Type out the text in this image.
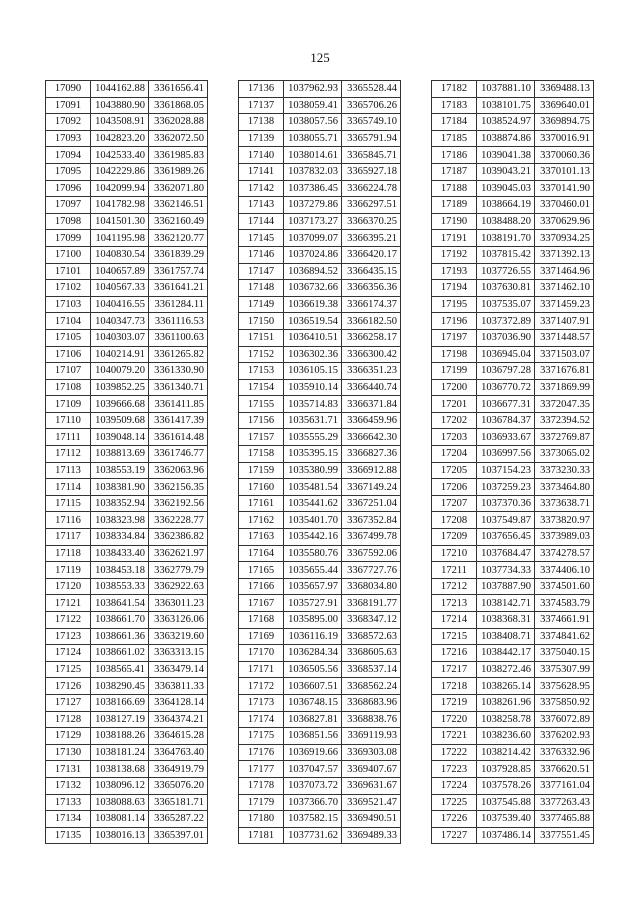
125
17090	1044162.88	3361656.41
17091	1043880.90	3361868.05
17092	1043508.91	3362028.88
17093	1042823.20	3362072.50
17094	1042533.40	3361985.83
17095	1042229.86	3361989.26
17096	1042099.94	3362071.80
17097	1041782.98	3362146.51
17098	1041501.30	3362160.49
17099	1041195.98	3362120.77
17100	1040830.54	3361839.29
17101	1040657.89	3361757.74
17102	1040567.33	3361641.21
17103	1040416.55	3361284.11
17104	1040347.73	3361116.53
17105	1040303.07	3361100.63
17106	1040214.91	3361265.82
17107	1040079.20	3361330.90
17108	1039852.25	3361340.71
17109	1039666.68	3361411.85
17110	1039509.68	3361417.39
17111	1039048.14	3361614.48
17112	1038813.69	3361746.77
17113	1038553.19	3362063.96
17114	1038381.90	3362156.35
17115	1038352.94	3362192.56
17116	1038323.98	3362228.77
17117	1038334.84	3362386.82
17118	1038433.40	3362621.97
17119	1038453.18	3362779.79
17120	1038553.33	3362922.63
17121	1038641.54	3363011.23
17122	1038661.70	3363126.06
17123	1038661.36	3363219.60
17124	1038661.02	3363313.15
17125	1038565.41	3363479.14
17126	1038290.45	3363811.33
17127	1038166.69	3364128.14
17128	1038127.19	3364374.21
17129	1038188.26	3364615.28
17130	1038181.24	3364763.40
17131	1038138.68	3364919.79
17132	1038096.12	3365076.20
17133	1038088.63	3365181.71
17134	1038081.14	3365287.22
17135	1038016.13	3365397.01
17136	1037962.93	3365528.44
17137	1038059.41	3365706.26
17138	1038057.56	3365749.10
17139	1038055.71	3365791.94
17140	1038014.61	3365845.71
17141	1037832.03	3365927.18
17142	1037386.45	3366224.78
17143	1037279.86	3366297.51
17144	1037173.27	3366370.25
17145	1037099.07	3366395.21
17146	1037024.86	3366420.17
17147	1036894.52	3366435.15
17148	1036732.66	3366356.36
17149	1036619.38	3366174.37
17150	1036519.54	3366182.50
17151	1036410.51	3366258.17
17152	1036302.36	3366300.42
17153	1036105.15	3366351.23
17154	1035910.14	3366440.74
17155	1035714.83	3366371.84
17156	1035631.71	3366459.96
17157	1035555.29	3366642.30
17158	1035395.15	3366827.36
17159	1035380.99	3366912.88
17160	1035481.54	3367149.24
17161	1035441.62	3367251.04
17162	1035401.70	3367352.84
17163	1035442.16	3367499.78
17164	1035580.76	3367592.06
17165	1035655.44	3367727.76
17166	1035657.97	3368034.80
17167	1035727.91	3368191.77
17168	1035895.00	3368347.12
17169	1036116.19	3368572.63
17170	1036284.34	3368605.63
17171	1036505.56	3368537.14
17172	1036607.51	3368562.24
17173	1036748.15	3368683.96
17174	1036827.81	3368838.76
17175	1036851.56	3369119.93
17176	1036919.66	3369303.08
17177	1037047.57	3369407.67
17178	1037073.72	3369631.67
17179	1037366.70	3369521.47
17180	1037582.15	3369490.51
17181	1037731.62	3369489.33
17182	1037881.10	3369488.13
17183	1038101.75	3369640.01
17184	1038524.97	3369894.75
17185	1038874.86	3370016.91
17186	1039041.38	3370060.36
17187	1039043.21	3370101.13
17188	1039045.03	3370141.90
17189	1038664.19	3370460.01
17190	1038488.20	3370629.96
17191	1038191.70	3370934.25
17192	1037815.42	3371392.13
17193	1037726.55	3371464.96
17194	1037630.81	3371462.10
17195	1037535.07	3371459.23
17196	1037372.89	3371407.91
17197	1037036.90	3371448.57
17198	1036945.04	3371503.07
17199	1036797.28	3371676.81
17200	1036770.72	3371869.99
17201	1036677.31	3372047.35
17202	1036784.37	3372394.52
17203	1036933.67	3372769.87
17204	1036997.56	3373065.02
17205	1037154.23	3373230.33
17206	1037259.23	3373464.80
17207	1037370.36	3373638.71
17208	1037549.87	3373820.97
17209	1037656.45	3373989.03
17210	1037684.47	3374278.57
17211	1037734.33	3374406.10
17212	1037887.90	3374501.60
17213	1038142.71	3374583.79
17214	1038368.31	3374661.91
17215	1038408.71	3374841.62
17216	1038442.17	3375040.15
17217	1038272.46	3375307.99
17218	1038265.14	3375628.95
17219	1038261.96	3375850.92
17220	1038258.78	3376072.89
17221	1038236.60	3376202.93
17222	1038214.42	3376332.96
17223	1037928.85	3376620.51
17224	1037578.26	3377161.04
17225	1037545.88	3377263.43
17226	1037539.40	3377465.88
17227	1037486.14	3377551.45
